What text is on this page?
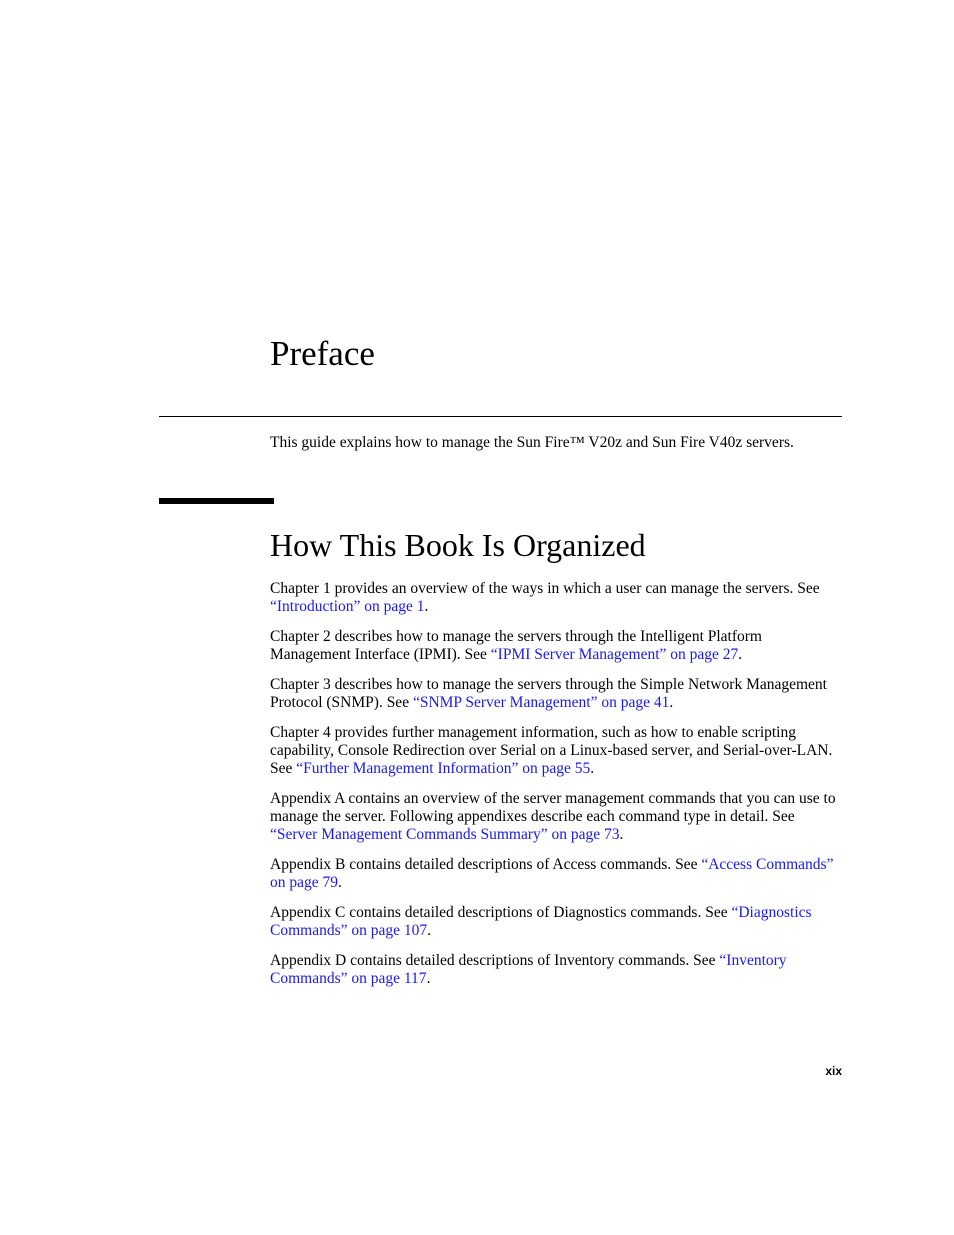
Preface

This guide explains how to manage the Sun Fire™ V20z and Sun Fire V40z servers.

How This Book Is Organized

Chapter 1 provides an overview of the ways in which a user can manage the servers. See “Introduction” on page 1.

Chapter 2 describes how to manage the servers through the Intelligent Platform Management Interface (IPMI). See “IPMI Server Management” on page 27.

Chapter 3 describes how to manage the servers through the Simple Network Management Protocol (SNMP). See “SNMP Server Management” on page 41.

Chapter 4 provides further management information, such as how to enable scripting capability, Console Redirection over Serial on a Linux-based server, and Serial-over-LAN. See “Further Management Information” on page 55.

Appendix A contains an overview of the server management commands that you can use to manage the server. Following appendixes describe each command type in detail. See “Server Management Commands Summary” on page 73.

Appendix B contains detailed descriptions of Access commands. See “Access Commands” on page 79.

Appendix C contains detailed descriptions of Diagnostics commands. See “Diagnostics Commands” on page 107.

Appendix D contains detailed descriptions of Inventory commands. See “Inventory Commands” on page 117.

xix
